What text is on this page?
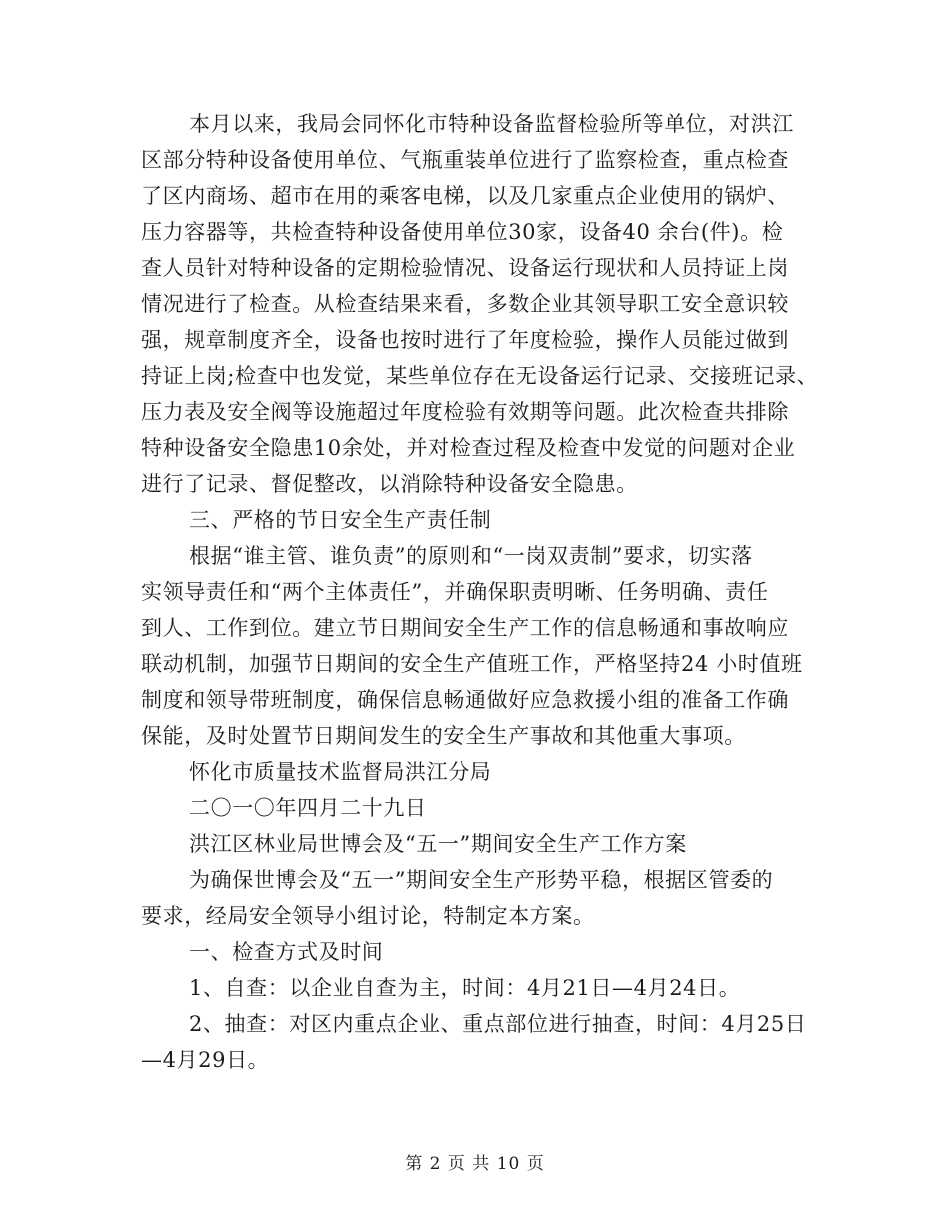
本月以来，我局会同怀化市特种设备监督检验所等单位，对洪江
区部分特种设备使用单位、气瓶重装单位进行了监察检查，重点检查
了区内商场、超市在用的乘客电梯，以及几家重点企业使用的锅炉、
压力容器等，共检查特种设备使用单位30家，设备40 余台(件)。检
查人员针对特种设备的定期检验情况、设备运行现状和人员持证上岗
情况进行了检查。从检查结果来看，多数企业其领导职工安全意识较
强，规章制度齐全，设备也按时进行了年度检验，操作人员能过做到
持证上岗;检查中也发觉，某些单位存在无设备运行记录、交接班记录、
压力表及安全阀等设施超过年度检验有效期等问题。此次检查共排除
特种设备安全隐患10余处，并对检查过程及检查中发觉的问题对企业
进行了记录、督促整改，以消除特种设备安全隐患。
三、严格的节日安全生产责任制
根据“谁主管、谁负责”的原则和“一岗双责制”要求，切实落
实领导责任和“两个主体责任”，并确保职责明晰、任务明确、责任
到人、工作到位。建立节日期间安全生产工作的信息畅通和事故响应
联动机制，加强节日期间的安全生产值班工作，严格坚持24 小时值班
制度和领导带班制度，确保信息畅通做好应急救援小组的准备工作确
保能，及时处置节日期间发生的安全生产事故和其他重大事项。
怀化市质量技术监督局洪江分局
二〇一〇年四月二十九日
洪江区林业局世博会及“五一”期间安全生产工作方案
为确保世博会及“五一”期间安全生产形势平稳，根据区管委的
要求，经局安全领导小组讨论，特制定本方案。
一、检查方式及时间
1、自查：以企业自查为主，时间：4月21日—4月24日。
2、抽查：对区内重点企业、重点部位进行抽查，时间：4月25日
—4月29日。
第 2 页 共 10 页
